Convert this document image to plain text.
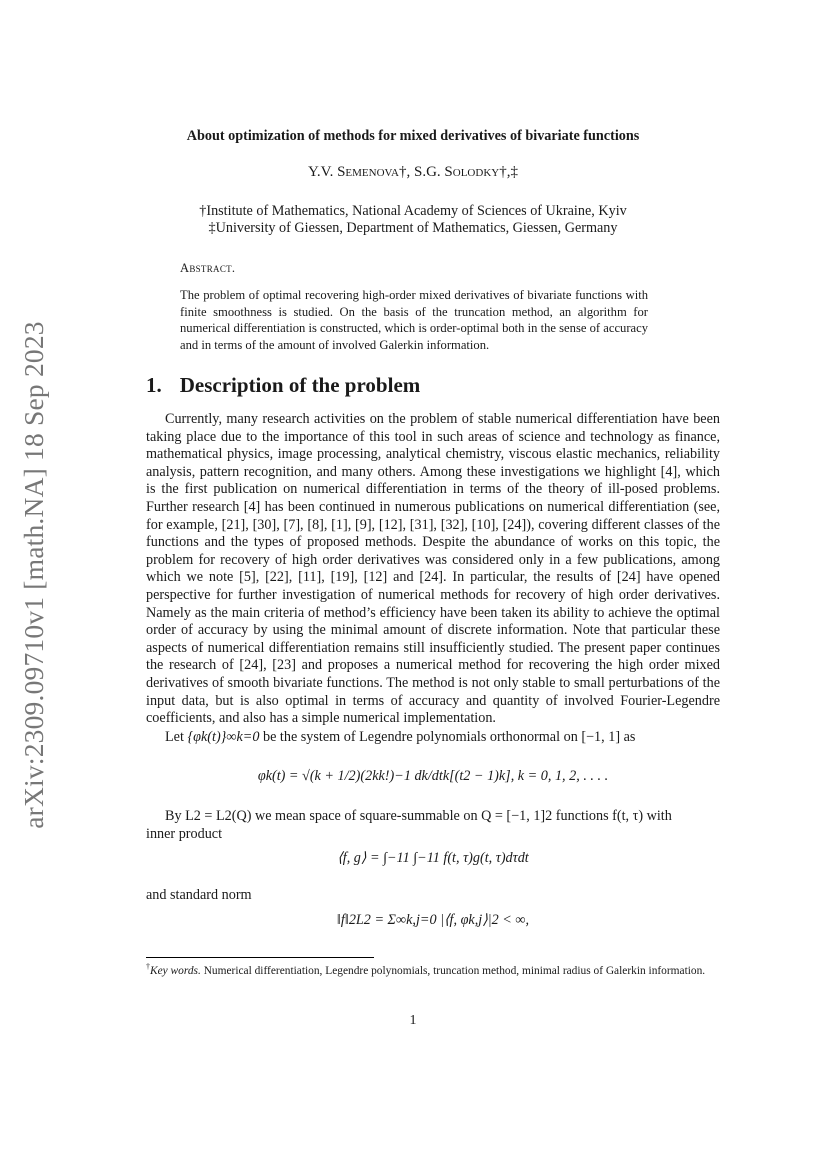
arXiv:2309.09710v1 [math.NA] 18 Sep 2023
About optimization of methods for mixed derivatives of bivariate functions
Y.V. Semenova†, S.G. Solodky†,‡
†Institute of Mathematics, National Academy of Sciences of Ukraine, Kyiv
‡University of Giessen, Department of Mathematics, Giessen, Germany
Abstract.
The problem of optimal recovering high-order mixed derivatives of bivariate functions with finite smoothness is studied. On the basis of the truncation method, an algorithm for numerical differentiation is constructed, which is order-optimal both in the sense of accuracy and in terms of the amount of involved Galerkin information.
1. Description of the problem

Currently, many research activities on the problem of stable numerical differentiation have been taking place due to the importance of this tool in such areas of science and technology as finance, mathematical physics, image processing, analytical chemistry, viscous elastic mechanics, reliability analysis, pattern recognition, and many others. Among these investigations we highlight [4], which is the first publication on numerical differentiation in terms of the theory of ill-posed problems. Further research [4] has been continued in numerous publications on numerical differentiation (see, for example, [21], [30], [7], [8], [1], [9], [12], [31], [32], [10], [24]), covering different classes of the functions and the types of proposed methods. Despite the abundance of works on this topic, the problem for recovery of high order derivatives was considered only in a few publications, among which we note [5], [22], [11], [19], [12] and [24]. In particular, the results of [24] have opened perspective for further investigation of numerical methods for recovery of high order derivatives. Namely as the main criteria of method’s efficiency have been taken its ability to achieve the optimal order of accuracy by using the minimal amount of discrete information. Note that particular these aspects of numerical differentiation remains still insufficiently studied. The present paper continues the research of [24], [23] and proposes a numerical method for recovering the high order mixed derivatives of smooth bivariate functions. The method is not only stable to small perturbations of the input data, but is also optimal in terms of accuracy and quantity of involved Fourier-Legendre coefficients, and also has a simple numerical implementation.

Let {φk(t)}∞k=0 be the system of Legendre polynomials orthonormal on [−1, 1] as

φk(t) = √(k + 1/2)(2kk!)−1 dk/dtk[(t2 − 1)k], k = 0, 1, 2, . . . .

By L2 = L2(Q) we mean space of square-summable on Q = [−1, 1]2 functions f(t, τ) with

inner product
⟨f, g⟩ = ∫−11 ∫−11 f(t, τ)g(t, τ)dτdt
and standard norm
‖f‖2L2 = Σ∞k,j=0 |⟨f, φk,j⟩|2 < ∞,
†Key words. Numerical differentiation, Legendre polynomials, truncation method, minimal radius of Galerkin information.
1
